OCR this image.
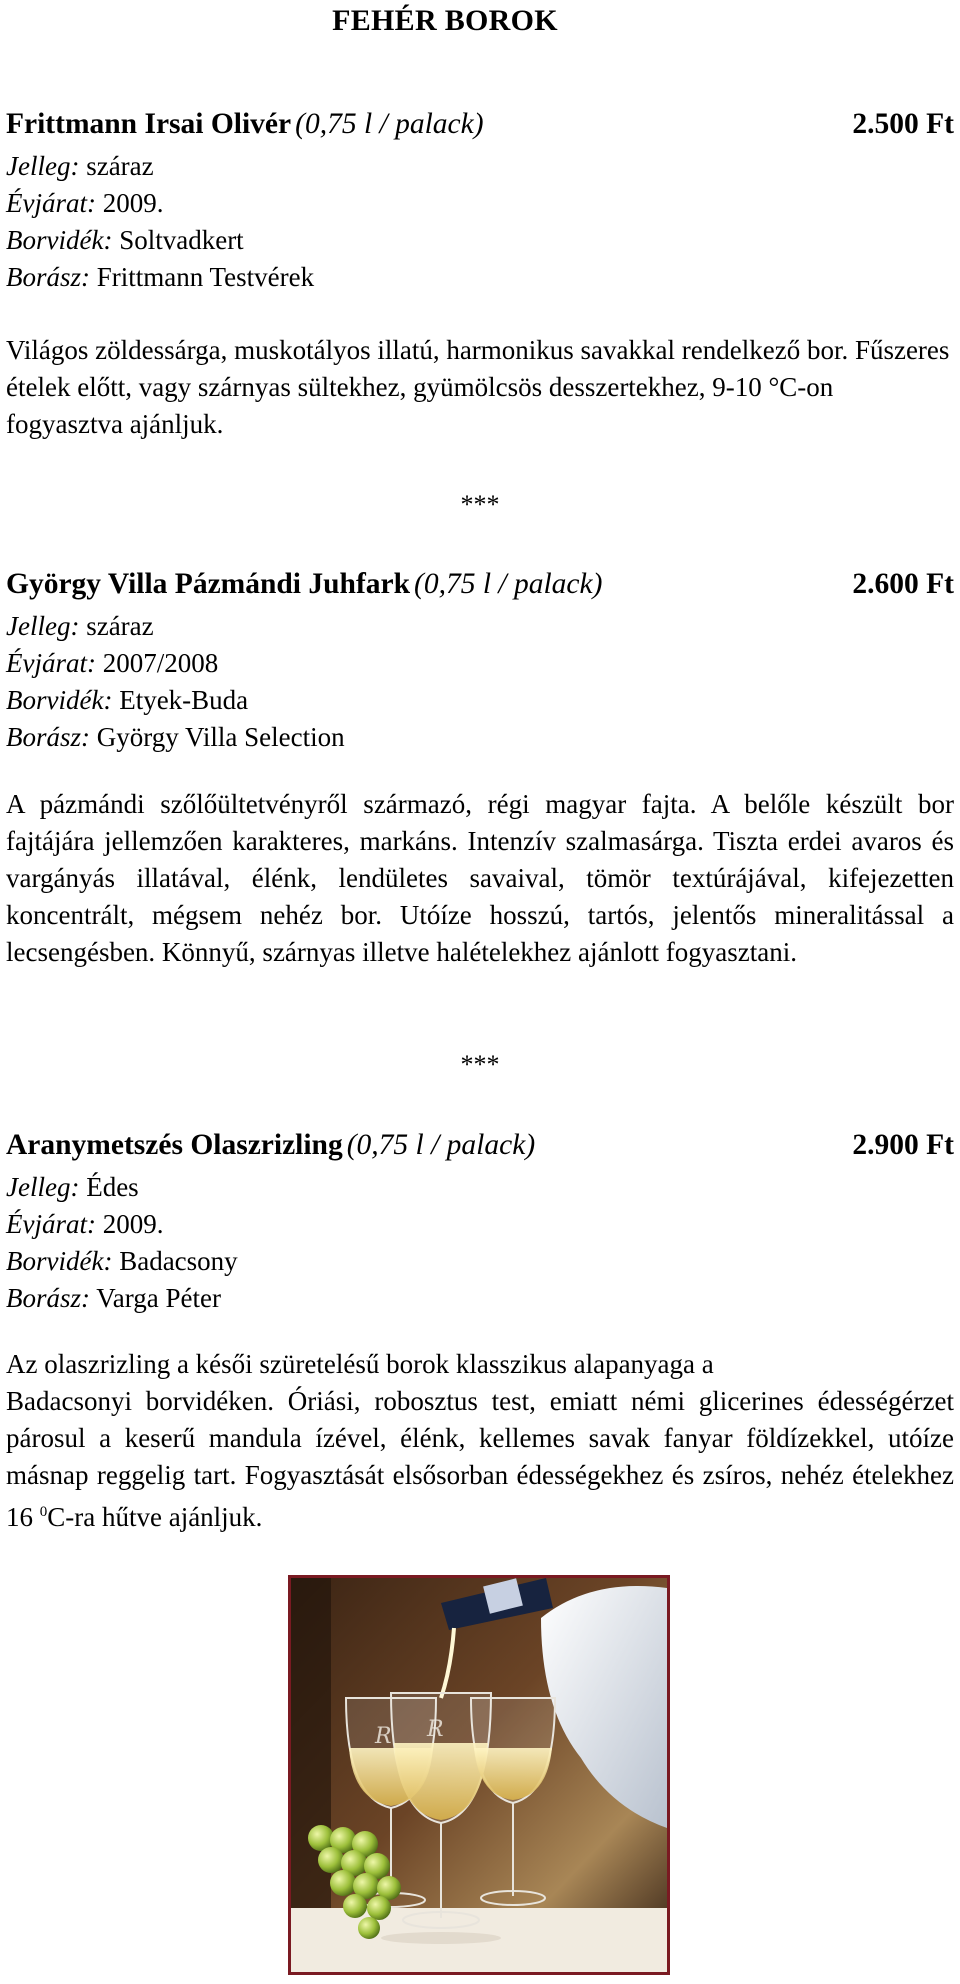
FEHÉR BOROK
Frittmann Irsai Olivér (0,75 l / palack)	2.500 Ft
Jelleg: száraz
Évjárat: 2009.
Borvidék: Soltvadkert
Borász: Frittmann Testvérek
Világos zöldessárga, muskotályos illatú, harmonikus savakkal rendelkező bor. Fűszeres ételek előtt, vagy szárnyas sültekhez, gyümölcsös desszertekhez, 9-10 °C-on fogyasztva ajánljuk.
***
György Villa Pázmándi Juhfark (0,75 l / palack)	2.600 Ft
Jelleg: száraz
Évjárat: 2007/2008
Borvidék: Etyek-Buda
Borász: György Villa Selection
A pázmándi szőlőültetvényről származó, régi magyar fajta. A belőle készült bor fajtájára jellemzően karakteres, markáns. Intenzív szalmasárga. Tiszta erdei avaros és vargányás illatával, élénk, lendületes savaival, tömör textúrájával, kifejezetten koncentrált, mégsem nehéz bor. Utóíze hosszú, tartós, jelentős mineralitással a lecsengésben. Könnyű, szárnyas illetve halételekhez ajánlott fogyasztani.
***
Aranymetszés Olaszrizling (0,75 l / palack)	2.900 Ft
Jelleg: Édes
Évjárat: 2009.
Borvidék: Badacsony
Borász: Varga Péter
Az olaszrizling a késői szüretelésű borok klasszikus alapanyaga a
Badacsonyi borvidéken. Óriási, robosztus test, emiatt némi glicerines édességérzet párosul a keserű mandula ízével, élénk, kellemes savak fanyar földízekkel, utóíze másnap reggelig tart. Fogyasztását elsősorban édességekhez és zsíros, nehéz ételekhez 16 $^0$C-ra hűtve ajánljuk.
R R
